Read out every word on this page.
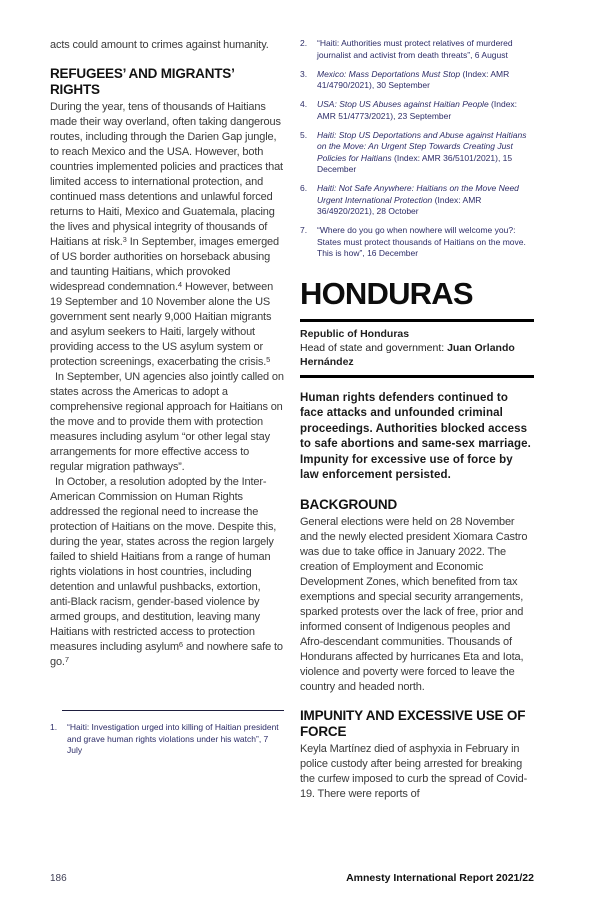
acts could amount to crimes against humanity.

REFUGEES’ AND MIGRANTS’ RIGHTS

During the year, tens of thousands of Haitians made their way overland, often taking dangerous routes, including through the Darien Gap jungle, to reach Mexico and the USA. However, both countries implemented policies and practices that limited access to international protection, and continued mass detentions and unlawful forced returns to Haiti, Mexico and Guatemala, placing the lives and physical integrity of thousands of Haitians at risk.$^3$ In September, images emerged of US border authorities on horseback abusing and taunting Haitians, which provoked widespread condemnation.$^4$ However, between 19 September and 10 November alone the US government sent nearly 9,000 Haitian migrants and asylum seekers to Haiti, largely without providing access to the US asylum system or protection screenings, exacerbating the crisis.$^5$

In September, UN agencies also jointly called on states across the Americas to adopt a comprehensive regional approach for Haitians on the move and to provide them with protection measures including asylum “or other legal stay arrangements for more effective access to regular migration pathways”.

In October, a resolution adopted by the Inter-American Commission on Human Rights addressed the regional need to increase the protection of Haitians on the move. Despite this, during the year, states across the region largely failed to shield Haitians from a range of human rights violations in host countries, including detention and unlawful pushbacks, extortion, anti-Black racism, gender-based violence by armed groups, and destitution, leaving many Haitians with restricted access to protection measures including asylum$^6$ and nowhere safe to go.$^7$

1.	“Haiti: Investigation urged into killing of Haitian president and grave human rights violations under his watch”, 7 July
2.	“Haiti: Authorities must protect relatives of murdered journalist and activist from death threats”, 6 August
3.	Mexico: Mass Deportations Must Stop (Index: AMR 41/4790/2021), 30 September
4.	USA: Stop US Abuses against Haitian People (Index: AMR 51/4773/2021), 23 September
5.	Haiti: Stop US Deportations and Abuse against Haitians on the Move: An Urgent Step Towards Creating Just Policies for Haitians (Index: AMR 36/5101/2021), 15 December
6.	Haiti: Not Safe Anywhere: Haitians on the Move Need Urgent International Protection (Index: AMR 36/4920/2021), 28 October
7.	“Where do you go when nowhere will welcome you?: States must protect thousands of Haitians on the move. This is how”, 16 December
HONDURAS

Republic of Honduras
Head of state and government: Juan Orlando Hernández

Human rights defenders continued to face attacks and unfounded criminal proceedings. Authorities blocked access to safe abortions and same-sex marriage. Impunity for excessive use of force by law enforcement persisted.

BACKGROUND

General elections were held on 28 November and the newly elected president Xiomara Castro was due to take office in January 2022. The creation of Employment and Economic Development Zones, which benefited from tax exemptions and special security arrangements, sparked protests over the lack of free, prior and informed consent of Indigenous peoples and Afro-descendant communities. Thousands of Hondurans affected by hurricanes Eta and Iota, violence and poverty were forced to leave the country and headed north.

IMPUNITY AND EXCESSIVE USE OF FORCE

Keyla Martínez died of asphyxia in February in police custody after being arrested for breaking the curfew imposed to curb the spread of Covid-19. There were reports of

186	Amnesty International Report 2021/22
